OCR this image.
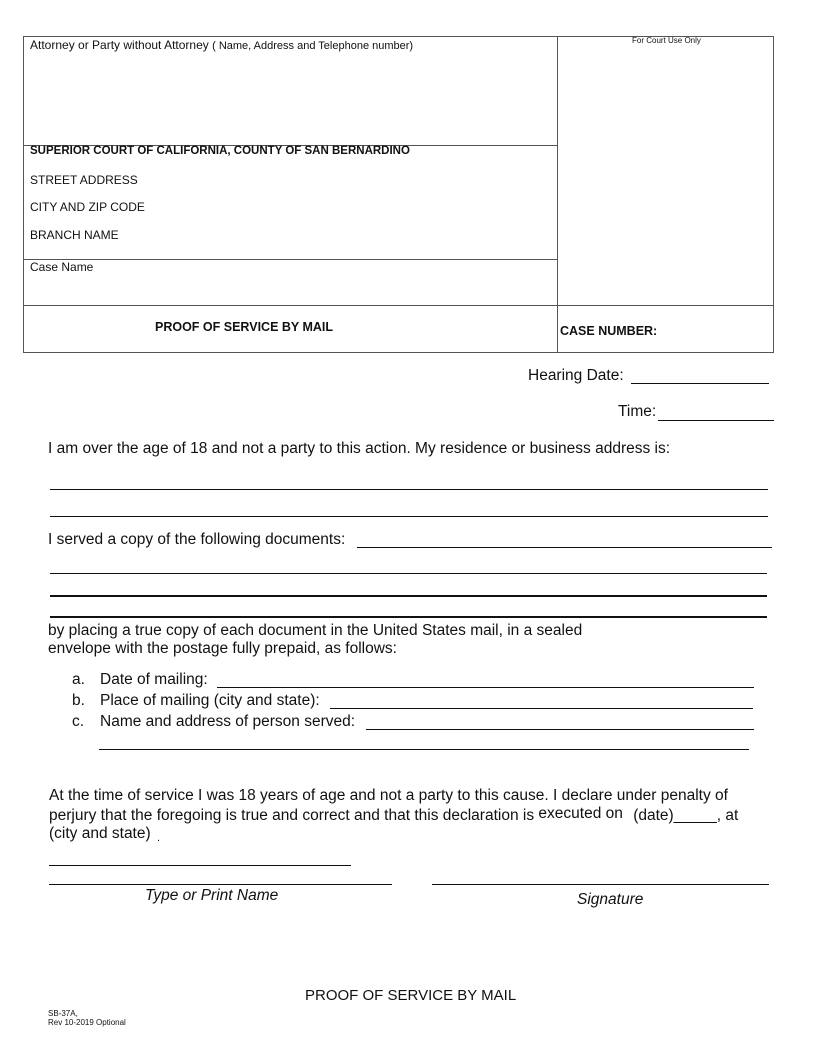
Attorney or Party without Attorney ( Name, Address and Telephone number)	For Court Use Only
SUPERIOR COURT OF CALIFORNIA, COUNTY OF SAN BERNARDINO
STREET ADDRESS
CITY AND ZIP CODE
BRANCH NAME
Case Name
PROOF OF SERVICE BY MAIL	CASE NUMBER:
Hearing Date:
Time:
I am over the age of 18 and not a party to this action. My residence or business address is:
I served a copy of the following documents:
by placing a true copy of each document in the United States mail, in a sealed
envelope with the postage fully prepaid, as follows:
a. Date of mailing:
b. Place of mailing (city and state):
c. Name and address of person served:
At the time of service I was 18 years of age and not a party to this cause. I declare under penalty of
perjury that the foregoing is true and correct and that this declaration is executed on (date)_____, at
(city and state) .
Type or Print Name	Signature
PROOF OF SERVICE BY MAIL
SB-37A,
Rev 10-2019 Optional
